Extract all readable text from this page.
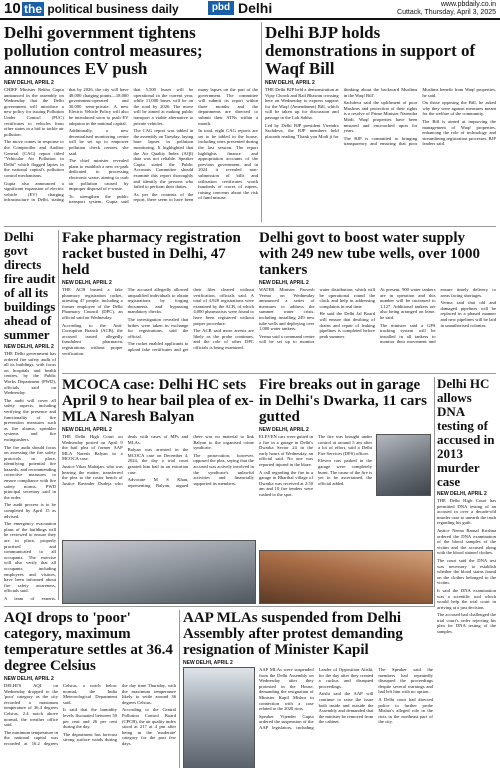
10 the political business daily	pbd Delhi	www.pbdaily.co.in
Cuttack, Thursday, April 3, 2025
Delhi government tightens pollution control measures; announces EV push
NEW DELHI, APRIL 2

CHIEF Minister Rekha Gupta announced in the assembly on Wednesday that the Delhi government will introduce a new policy for issuing Pollution Under Control (PUC) certificates to vehicles from other states in a bid to tackle air pollution.

The move comes in response to the Comptroller and Auditor General (CAG) report titled "Vehicular Air Pollution in Delhi" which flagged lapses in the national capital's pollution control mechanisms.

Gupta also announced a significant expansion of electric vehicle (EV) charging infrastructure in Delhi, stating that by 2026, the city will have 48,000 charging points—18,000 government-operated and 30,000 semi-private. A new Electric Vehicle Policy will also be introduced soon to push EV adoption in the national capital.

Additionally, a new decentralised monitoring centre will be set up to empower pollution check centres, she said.

The chief minister revealed plans to establish a new ex-park dedicated to processing electronic waste, aiming to curb air pollution caused by improper disposal of e-waste.

To strengthen the public transport system, Gupta said that 5,500 buses will be operational in the current year, while 11,000 buses will be on the road by 2026. The move will be aimed at making public transport a viable alternative to private vehicles.

The CAG report was tabled in the assembly on Tuesday, laying bare lapses in pollution monitoring. It highlighted that the Air Quality Index (AQI) data was not reliable. Speaker Gupta stated the Public Accounts Committee should examine this report thoroughly and identify the persons who failed to perform their duties.

As per the contents of the report, there seem to have been many lapses on the part of the government. The committee will submit its report within three months and the departments are directed to submit their ATNs within a month.

In total, eight CAG reports are set to be tabled in the house, including ones presented during the last session. The report highlights finance and appropriation accounts of the previous government, and in 2024 it revealed non-submission of bills and utilisation certificates worth hundreds of crores of rupees, raising concerns about the risk of fund misuse.

Delhi BJP holds demonstrations in support of Waqf Bill
NEW DELHI, APRIL 2

THE Delhi BJP held a demonstration at Vijay Chowk and Rail Bhawan crossing here on Wednesday to express support for the Waqf (Amendment) Bill, which will be taken up for discussion and passage in the Lok Sabha.

Led by Delhi BJP president Virendra Sachdeva, the BJP members held placards reading 'Thank you Modi ji for thinking about the backward Muslims in the Waqf Bill'.

Sachdeva said the upliftment of poor Muslims and protection of their rights is a resolve of Prime Minister Narendra Modi. Waqf properties have been misused and encroached upon for years.

The BJP is committed to bringing transparency and ensuring that poor Muslims benefit from Waqf properties, he said.

On those opposing the Bill, he asked why they were against measures meant for the welfare of the community.

The Bill is aimed at improving the management of Waqf properties, enhancing the role of technology and streamlining registration processes, BJP leaders said.

Delhi govt directs fire audit of all its buildings ahead of summer
NEW DELHI, APRIL 2

THE Delhi government has ordered fire safety audit of all its buildings, with focus on hospitals and health centres, by the Public Works Department (PWD), officials said on Wednesday.

The audit will cover all safety aspects, including verifying the presence and functionality of fire prevention measures such as fire alarms, sprinkler systems and fire extinguishers.

The fire audit should focus on assessing the fire safety protocols in place, identifying potential fire hazards, and recommending corrective measures to ensure compliance with fire safety norms, PWD principal secretary said in the order.

The audit process is to be completed by April 15 as advised.

The emergency evacuation plans of the buildings will be reviewed to ensure they are in place, properly practised and communicated to all occupants. The exercise will also verify that all occupants, including employees and visitors, have been informed about fire safety awareness, officials said.

A team of experts,

Fake pharmacy registration racket busted in Delhi, 47 held
NEW DELHI, APRIL 2

THE ACB busted a fake pharmacy registration racket, arresting 47 people, including a former employee of the Delhi Pharmacy Council (DPC), an official said on Wednesday.

According to the Anti-Corruption Branch (ACB), the accused issued allegedly fraudulent pharmacist registrations without proper verification.

The accused allegedly allowed unqualified individuals to obtain registrations by forging documents and bypassing mandatory checks.

The investigation revealed that bribes were taken in exchange for registrations, said the official.

The racket enabled applicants to upload fake certificates and get their files cleared without verification, officials said. A total of 4,928 registrations were examined by the ACB, of which 4,000 pharmacists were found to have been registered without proper procedure.

The ACB said more arrests are likely as the probe continues, and the role of other DPC officials is being examined.

Delhi govt to boost water supply with 249 new tube wells, over 1000 tankers
NEW DELHI, APRIL 2

WATER Minister Parvesh Verma on Wednesday announced a series of measures to address the summer water crisis, including installing 249 new tube wells and deploying over 1,000 water tankers.

Verma said a command centre will be set up to monitor water distribution, which will be operational round the clock and help in addressing complaints in real time.

He said the Delhi Jal Board will ensure that desilting of drains and repair of leaking pipelines is completed before peak summer.

At present, 900 water tankers are in operation and this number will be increased to 1,127. Additional tankers are also being arranged on lease, he said.

The minister said a GPS tracking system will be installed in all tankers to monitor their movement and ensure timely delivery to areas facing shortages.

Verma said that old and damaged pipelines will be replaced in a phased manner and new pipelines will be laid in unauthorised colonies.

MCOCA case: Delhi HC sets April 9 to hear bail plea of ex-MLA Naresh Balyan
NEW DELHI, APRIL 2

THE Delhi High Court on Wednesday posted on April 9 the bail plea of former AAP MLA Naresh Balyan in a MCOCA case.

Justice Vikas Mahajan, who was hearing the matter, transferred the plea to the roster bench of Justice Ravinder Dudeja who deals with cases of MPs and MLAs.

Balyan was arrested in the MCOCA case on December 4, 2024, the day a trial court granted him bail in an extortion case.

Advocate M S Khan, representing Balyan, argued there was no material to link Balyan to the organised crime syndicate.

The prosecution, however, opposed the plea, saying that the accused was actively involved in the syndicate's unlawful activities and financially supported its members.

Fire breaks out in garage in Delhi's Dwarka, 11 cars gutted
NEW DELHI, APRIL 2

ELEVEN cars were gutted in a fire in a garage in Delhi's Dwarka Sector 24 in the early hours of Wednesday, an official said. No one was reported injured in the blaze.

A call regarding the fire in a garage in Bharthal village of Dwarka was received at 2:50 am and 10 fire tenders were rushed to the spot.

The fire was brought under control at around 5 am after a lot of effort, said a Delhi Fire Services (DFS) officer.

Eleven cars parked in the garage were completely burnt. The cause of the fire is yet to be ascertained, the official added.

Delhi HC allows DNA testing of accused in 2013 murder case
NEW DELHI, APRIL 2

THE Delhi High Court has permitted DNA testing of an accused in over a decade-old murder case to unearth the truth regarding his guilt.

Justice Neena Bansal Krishna ordered the DNA examination of the blood samples of the victim and the accused along with the blood stained clothes.

The court said the DNA test was necessary to establish whether the blood stains found on the clothes belonged to the victim.

It said the DNA examination was a scientific tool which would help the trial court in arriving at a just decision.

The accused had challenged the trial court's order rejecting his plea for DNA testing of the samples.

AQI drops to 'poor' category, maximum temperature settles at 36.4 degree Celsius
NEW DELHI, APRIL 2

DELHI'S AQI on Wednesday dropped to the 'poor' category as the city recorded a maximum temperature of 36.4 degrees Celsius, 2.4 notch above normal, the weather office said.

The minimum temperature in the national capital was recorded at 16.2 degrees Celsius, a notch below normal, the India Meteorological Department said.

It said that the humidity levels fluctuated between 50 per cent and 26 per cent during the day.

The department has forecast strong surface winds during the day time Thursday, with the maximum temperature likely to settle around 36 degrees Celsius.

According to the Central Pollution Control Board (CPCB), the air quality index stood at 217 at 4 pm after being in the 'moderate' category for the past few days.

AAP MLAs suspended from Delhi Assembly after protest demanding resignation of Minister Kapil
NEW DELHI, APRIL 2

AAP MLAs were suspended from the Delhi Assembly on Wednesday after they protested in the House, demanding the resignation of Minister Kapil Mishra in connection with a case related to the 2020 riots.

Speaker Vijender Gupta ordered the suspension of the AAP legislators, including Leader of Opposition Atishi, for the day after they created a ruckus and disrupted proceedings.

Atishi said the AAP will continue to raise the issue both inside and outside the Assembly and demanded that the minister be removed from the cabinet.

The Speaker said the members had repeatedly disrupted the proceedings despite several warnings and had left him with no option.

A Delhi court had directed police to further probe Mishra's alleged role in the riots in the northeast part of the city.
